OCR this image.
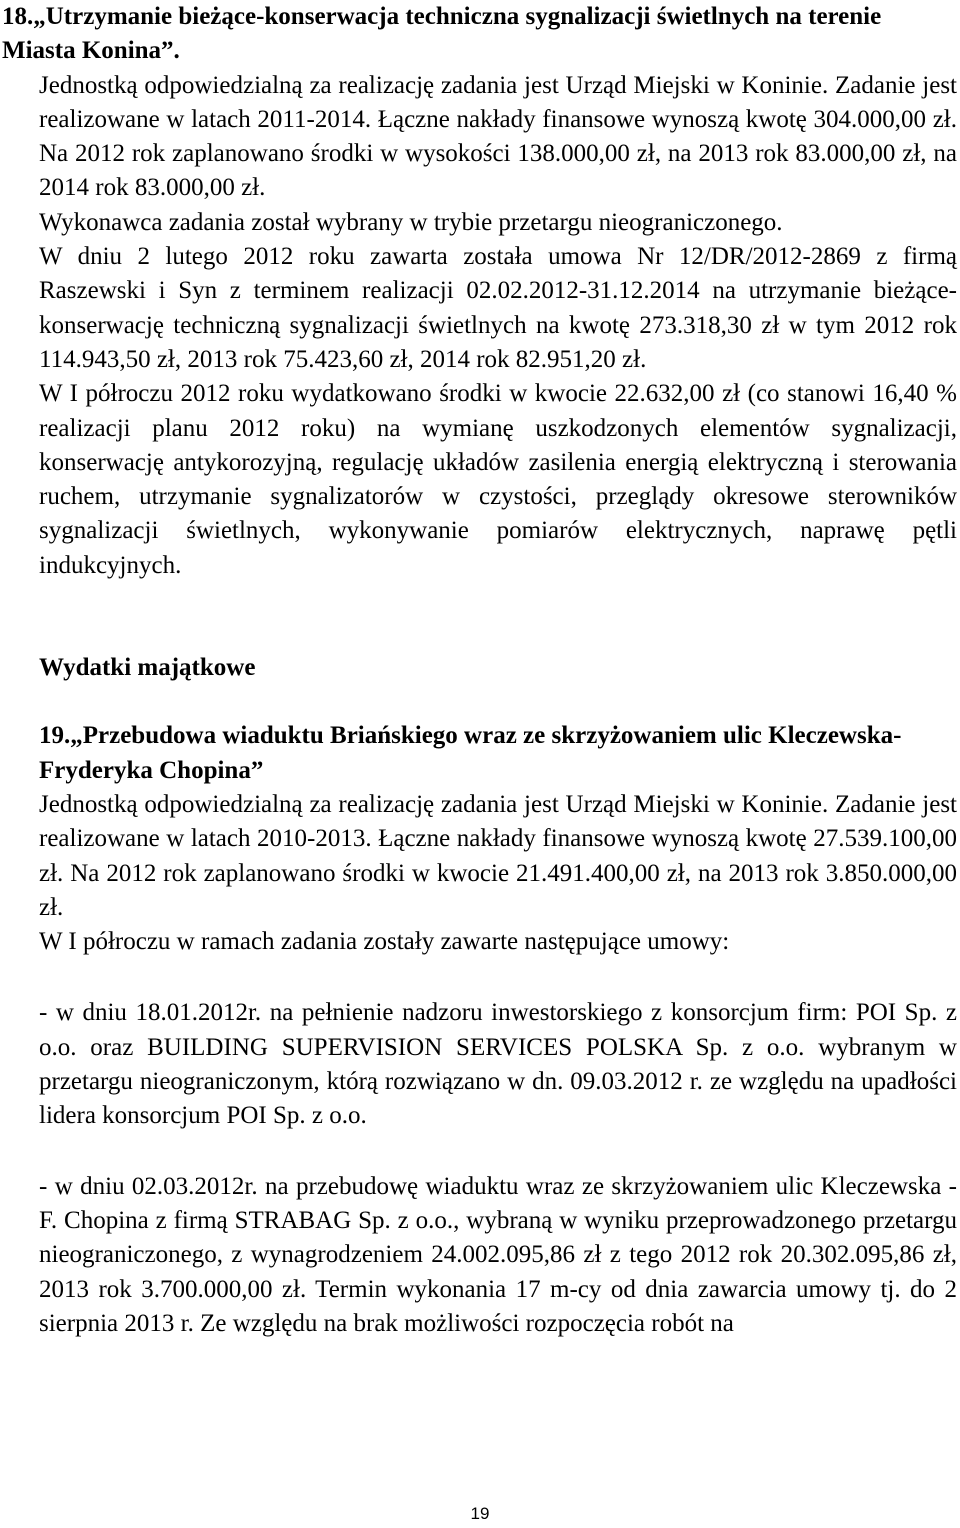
18.„Utrzymanie bieżące-konserwacja techniczna sygnalizacji świetlnych na terenie Miasta Konina”.

Jednostką odpowiedzialną za realizację zadania jest Urząd Miejski w Koninie. Zadanie jest realizowane w latach 2011-2014. Łączne nakłady finansowe wynoszą kwotę 304.000,00 zł. Na 2012 rok zaplanowano środki w wysokości 138.000,00 zł, na 2013 rok 83.000,00 zł, na 2014 rok 83.000,00 zł.

Wykonawca zadania został wybrany w trybie przetargu nieograniczonego.

W dniu 2 lutego 2012 roku zawarta została umowa Nr 12/DR/2012-2869 z firmą Raszewski i Syn z terminem realizacji 02.02.2012-31.12.2014 na utrzymanie bieżące-konserwację techniczną sygnalizacji świetlnych na kwotę 273.318,30 zł w tym 2012 rok 114.943,50 zł, 2013 rok 75.423,60 zł, 2014 rok 82.951,20 zł.

W I półroczu 2012 roku wydatkowano środki w kwocie 22.632,00 zł (co stanowi 16,40 % realizacji planu 2012 roku) na wymianę uszkodzonych elementów sygnalizacji, konserwację antykorozyjną, regulację układów zasilenia energią elektryczną i sterowania ruchem, utrzymanie sygnalizatorów w czystości, przeglądy okresowe sterowników sygnalizacji świetlnych, wykonywanie pomiarów elektrycznych, naprawę pętli indukcyjnych.

Wydatki majątkowe
19.„Przebudowa wiaduktu Briańskiego wraz ze skrzyżowaniem ulic Kleczewska-Fryderyka Chopina”

Jednostką odpowiedzialną za realizację zadania jest Urząd Miejski w Koninie. Zadanie jest realizowane w latach 2010-2013. Łączne nakłady finansowe wynoszą kwotę 27.539.100,00 zł. Na 2012 rok zaplanowano środki w kwocie 21.491.400,00 zł, na 2013 rok 3.850.000,00 zł.

W I półroczu w ramach zadania zostały zawarte następujące umowy:

- w dniu 18.01.2012r. na pełnienie nadzoru inwestorskiego z konsorcjum firm: POI Sp. z o.o. oraz BUILDING SUPERVISION SERVICES POLSKA Sp. z o.o. wybranym w przetargu nieograniczonym, którą rozwiązano w dn. 09.03.2012 r. ze względu na upadłości lidera konsorcjum POI Sp. z o.o.

- w dniu 02.03.2012r. na przebudowę wiaduktu wraz ze skrzyżowaniem ulic Kleczewska - F. Chopina z firmą STRABAG Sp. z o.o., wybraną w wyniku przeprowadzonego przetargu nieograniczonego, z wynagrodzeniem 24.002.095,86 zł z tego 2012 rok 20.302.095,86 zł, 2013 rok 3.700.000,00 zł. Termin wykonania 17 m-cy od dnia zawarcia umowy tj. do 2 sierpnia 2013 r. Ze względu na brak możliwości rozpoczęcia robót na

19
